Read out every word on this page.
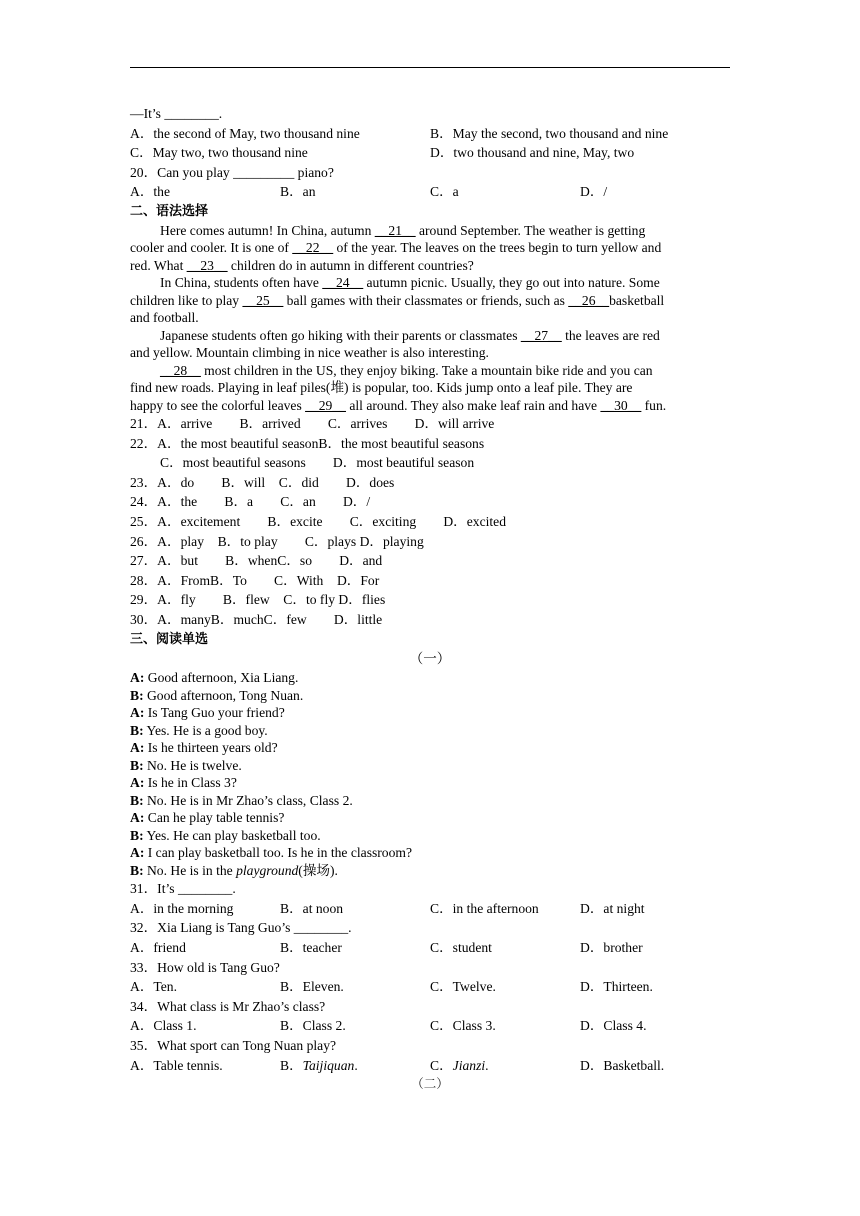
—It’s ________.
A．the second of May, two thousand nine	B．May the second, two thousand and nine
C．May two, two thousand nine	D．two thousand and nine, May, two
20．Can you play _________ piano?
A．the	B．an	C．a	D．/
二、语法选择
Here comes autumn! In China, autumn __21__ around September. The weather is getting
cooler and cooler. It is one of __22__ of the year. The leaves on the trees begin to turn yellow and
red. What __23__ children do in autumn in different countries?
In China, students often have __24__ autumn picnic. Usually, they go out into nature. Some
children like to play __25__ ball games with their classmates or friends, such as __26__basketball
and football.
Japanese students often go hiking with their parents or classmates __27__ the leaves are red
and yellow. Mountain climbing in nice weather is also interesting.
__28__ most children in the US, they enjoy biking. Take a mountain bike ride and you can
find new roads. Playing in leaf piles(堆) is popular, too. Kids jump onto a leaf pile. They are
happy to see the colorful leaves __29__ all around. They also make leaf rain and have __30__ fun.
21．A．arrive　　B．arrived　　C．arrives　　D．will arrive
22．A．the most beautiful seasonB．the most beautiful seasons
C．most beautiful seasons　　D．most beautiful season
23．A．do　　B．will　C．did　　D．does
24．A．the　　B．a　　C．an　　D．/
25．A．excitement　　B．excite　　C．exciting　　D．excited
26．A．play　B．to play　　C．plays D．playing
27．A．but　　B．whenC．so　　D．and
28．A．FromB．To　　C．With　D．For
29．A．fly　　B．flew　C．to fly D．flies
30．A．manyB．muchC．few　　D．little
三、阅读单选
（一）
A: Good afternoon, Xia Liang.
B: Good afternoon, Tong Nuan.
A: Is Tang Guo your friend?
B: Yes. He is a good boy.
A: Is he thirteen years old?
B: No. He is twelve.
A: Is he in Class 3?
B: No. He is in Mr Zhao’s class, Class 2.
A: Can he play table tennis?
B: Yes. He can play basketball too.
A: I can play basketball too. Is he in the classroom?
B: No. He is in the playground(操场).
31．It’s ________.
A．in the morning	B．at noon	C．in the afternoon	D．at night
32．Xia Liang is Tang Guo’s ________.
A．friend	B．teacher	C．student	D．brother
33．How old is Tang Guo?
A．Ten.	B．Eleven.	C．Twelve.	D．Thirteen.
34．What class is Mr Zhao’s class?
A．Class 1.	B．Class 2.	C．Class 3.	D．Class 4.
35．What sport can Tong Nuan play?
A．Table tennis.	B．Taijiquan.	C．Jianzi.	D．Basketball.
（二）
